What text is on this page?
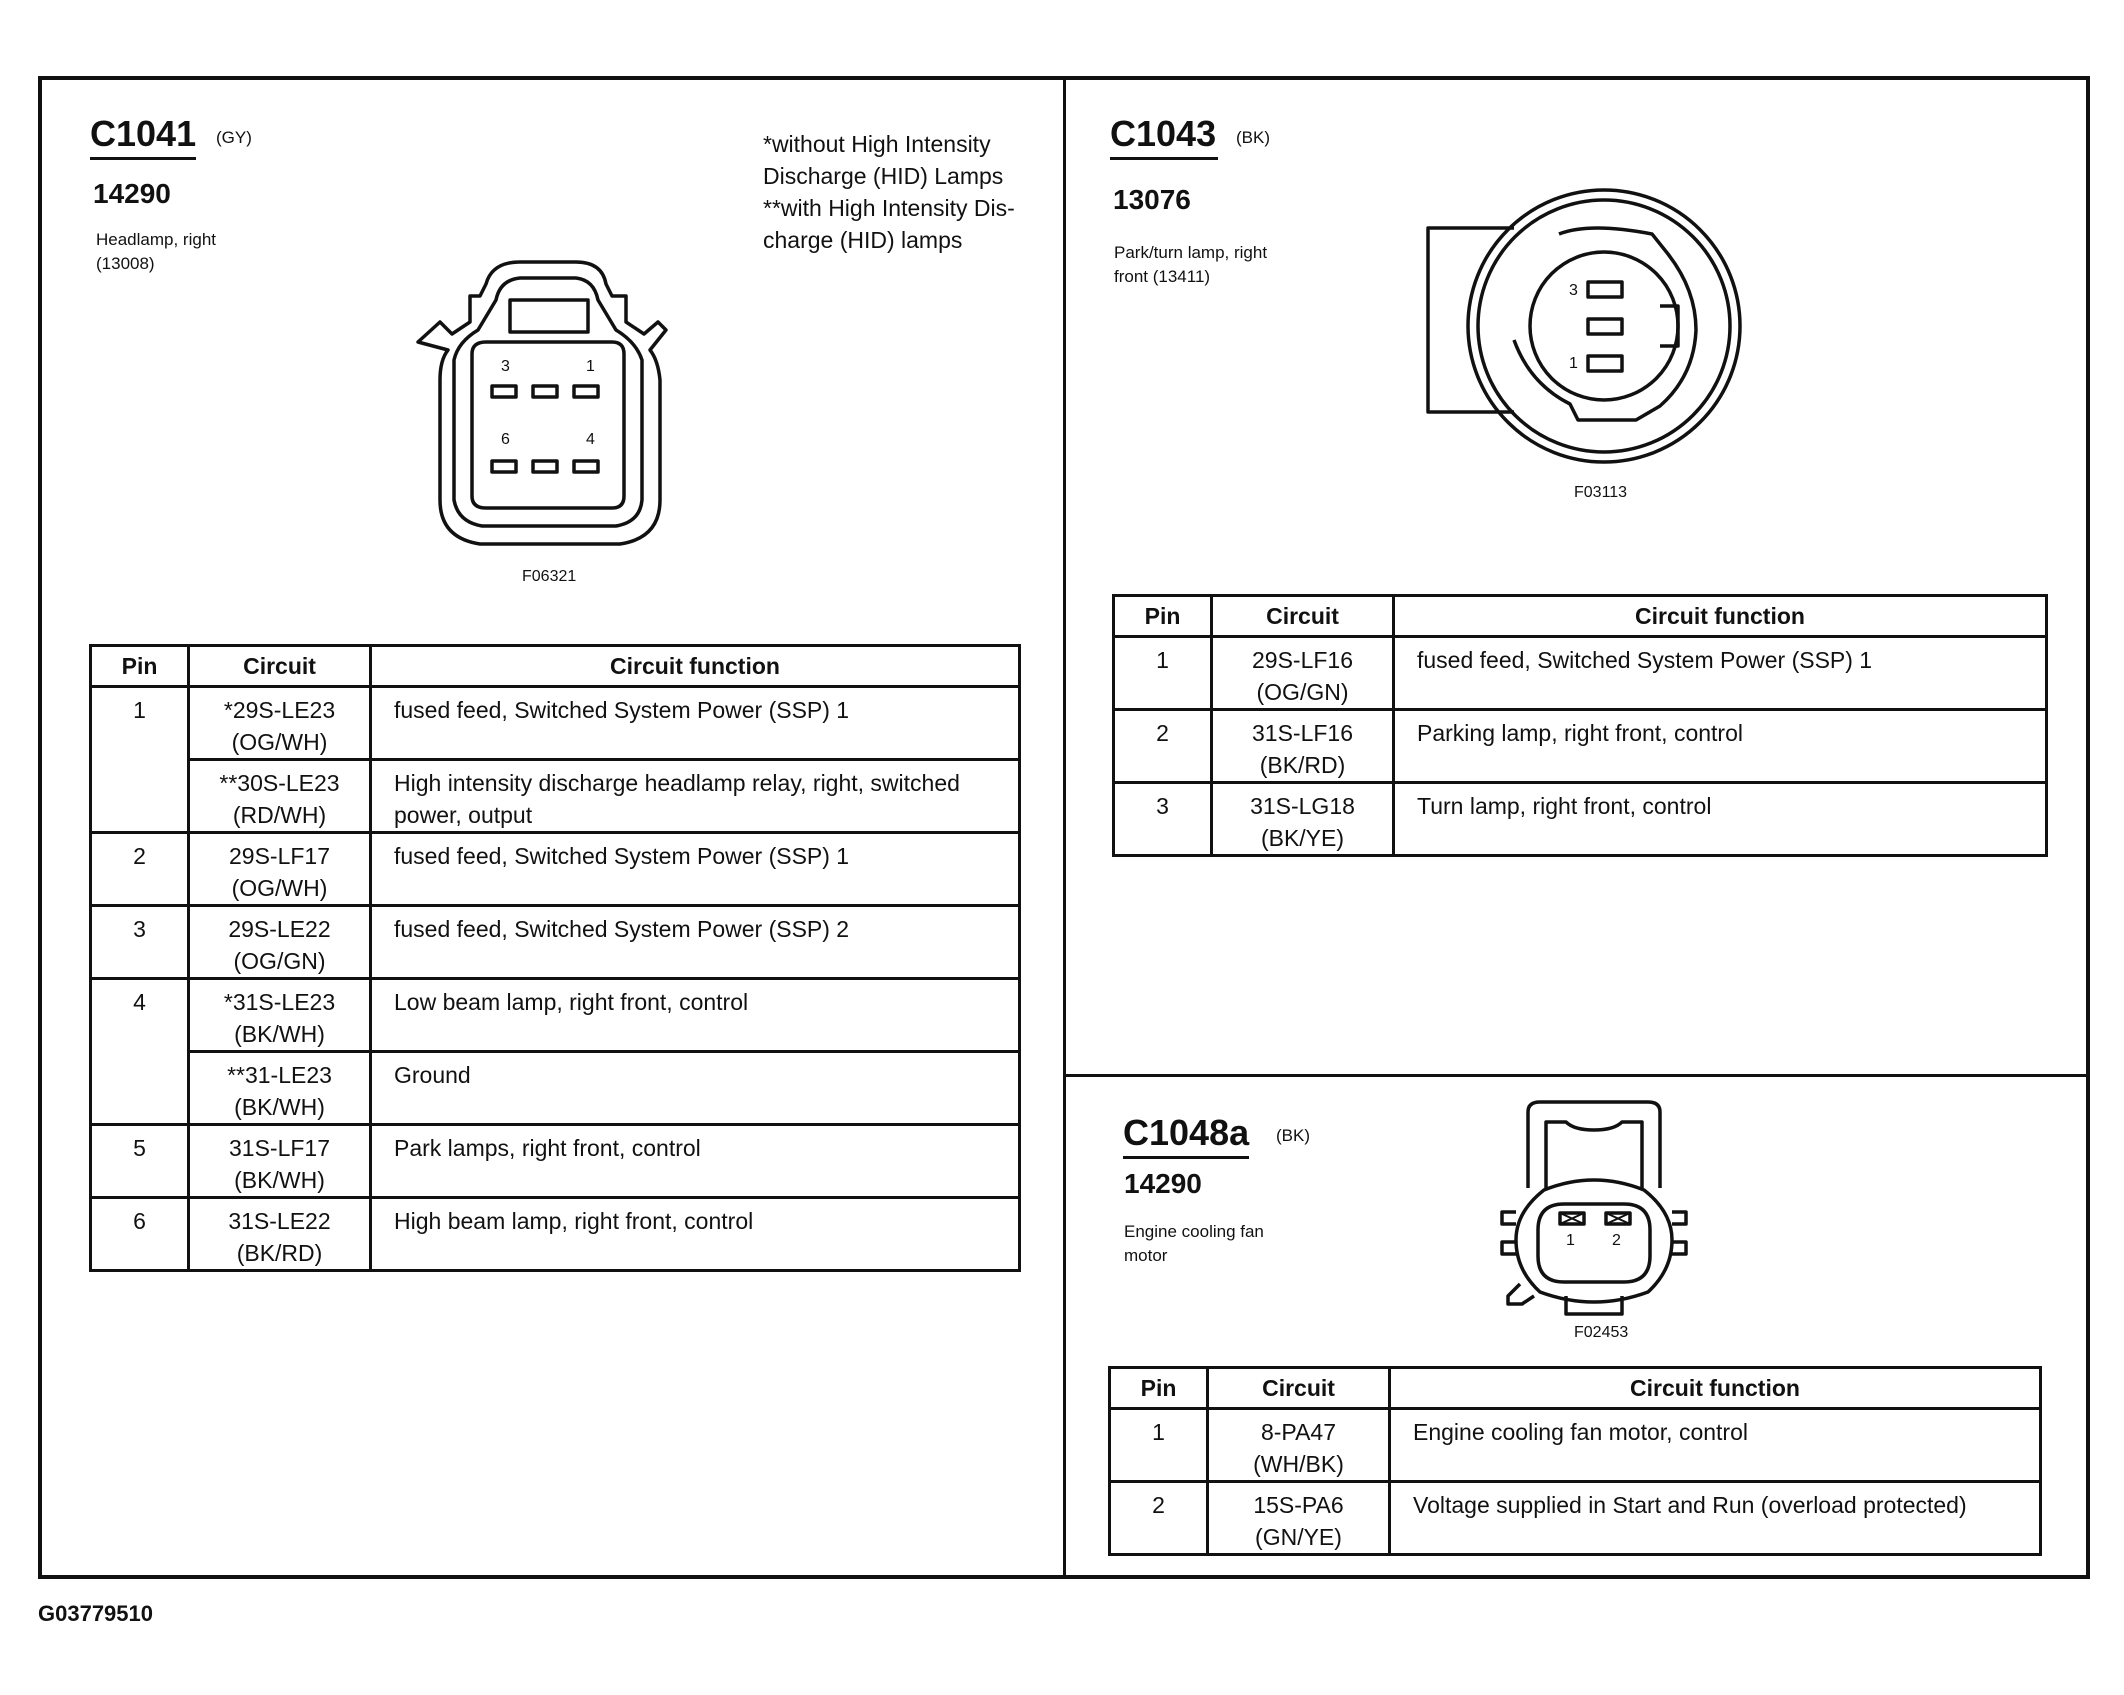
C1041 (GY)
14290
Headlamp, right
(13008)
*without High Intensity
Discharge (HID) Lamps
**with High Intensity Dis-
charge (HID) lamps
3	1
6	4
F06321
Pin	Circuit	Circuit function
1	*29S-LE23
(OG/WH)	fused feed, Switched System Power (SSP) 1

	**30S-LE23
(RD/WH)	High intensity discharge headlamp relay, right, switched power, output
2	29S-LF17
(OG/WH)	fused feed, Switched System Power (SSP) 1
3	29S-LE22
(OG/GN)	fused feed, Switched System Power (SSP) 2
4	*31S-LE23
(BK/WH)	Low beam lamp, right front, control

	**31-LE23
(BK/WH)	Ground
5	31S-LF17
(BK/WH)	Park lamps, right front, control
6	31S-LE22
(BK/RD)	High beam lamp, right front, control
C1043 (BK)
13076
Park/turn lamp, right
front (13411)
3
1
F03113
Pin	Circuit	Circuit function
1	29S-LF16
(OG/GN)	fused feed, Switched System Power (SSP) 1
2	31S-LF16
(BK/RD)	Parking lamp, right front, control
3	31S-LG18
(BK/YE)	Turn lamp, right front, control
C1048a (BK)
14290
Engine cooling fan
motor
1 2
F02453
Pin	Circuit	Circuit function
1	8-PA47
(WH/BK)	Engine cooling fan motor, control
2	15S-PA6
(GN/YE)	Voltage supplied in Start and Run (overload protected)
G03779510
